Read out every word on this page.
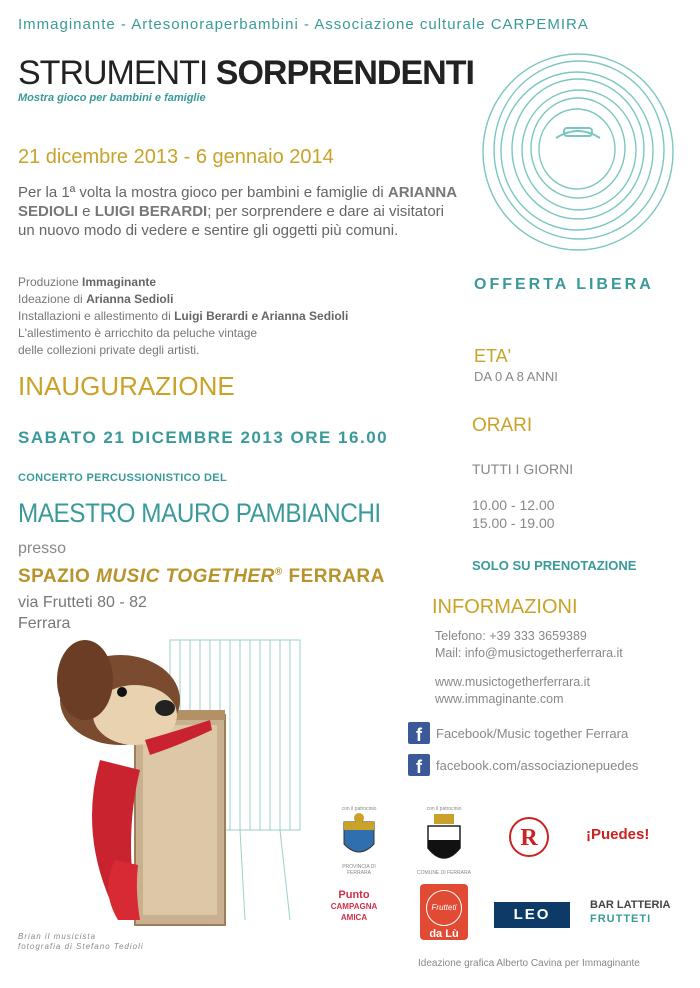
Immaginante - Artesonoraperbambini - Associazione culturale CARPEMIRA
STRUMENTI SORPRENDENTI
Mostra gioco per bambini e famiglie
21 dicembre 2013 - 6 gennaio 2014
Per la 1ª volta la mostra gioco per bambini e famiglie di ARIANNA SEDIOLI e LUIGI BERARDI; per sorprendere e dare ai visitatori un nuovo modo di vedere e sentire gli oggetti più comuni.
Produzione Immaginante
Ideazione di Arianna Sedioli
Installazioni e allestimento di Luigi Berardi e Arianna Sedioli
L'allestimento è arricchito da peluche vintage
delle collezioni private degli artisti.
INAUGURAZIONE
SABATO 21 DICEMBRE 2013 ORE 16.00
CONCERTO PERCUSSIONISTICO DEL
MAESTRO MAURO PAMBIANCHI
presso
SPAZIO MUSIC TOGETHER® FERRARA
via Frutteti 80 - 82
Ferrara
OFFERTA LIBERA
ETA'
DA 0 A 8 ANNI
ORARI
TUTTI I GIORNI
10.00 - 12.00
15.00 - 19.00
SOLO SU PRENOTAZIONE
INFORMAZIONI
Telefono: +39 333 3659389
Mail: info@musictogetherferrara.it
www.musictogetherferrara.it
www.immaginante.com
f	Facebook/Music together Ferrara
f	facebook.com/associazionepuedes
Brian il musicista
fotografia di Stefano Tedioli
con il patrocinio
PROVINCIA DI FERRARA
con il patrocinio
COMUNE DI FERRARA
R	¡Puedes!
Punto
CAMPAGNA
AMICA
Frutteti
da Lù
LEO
BAR LATTERIA
FRUTTETI
Ideazione grafica Alberto Cavina per Immaginante
